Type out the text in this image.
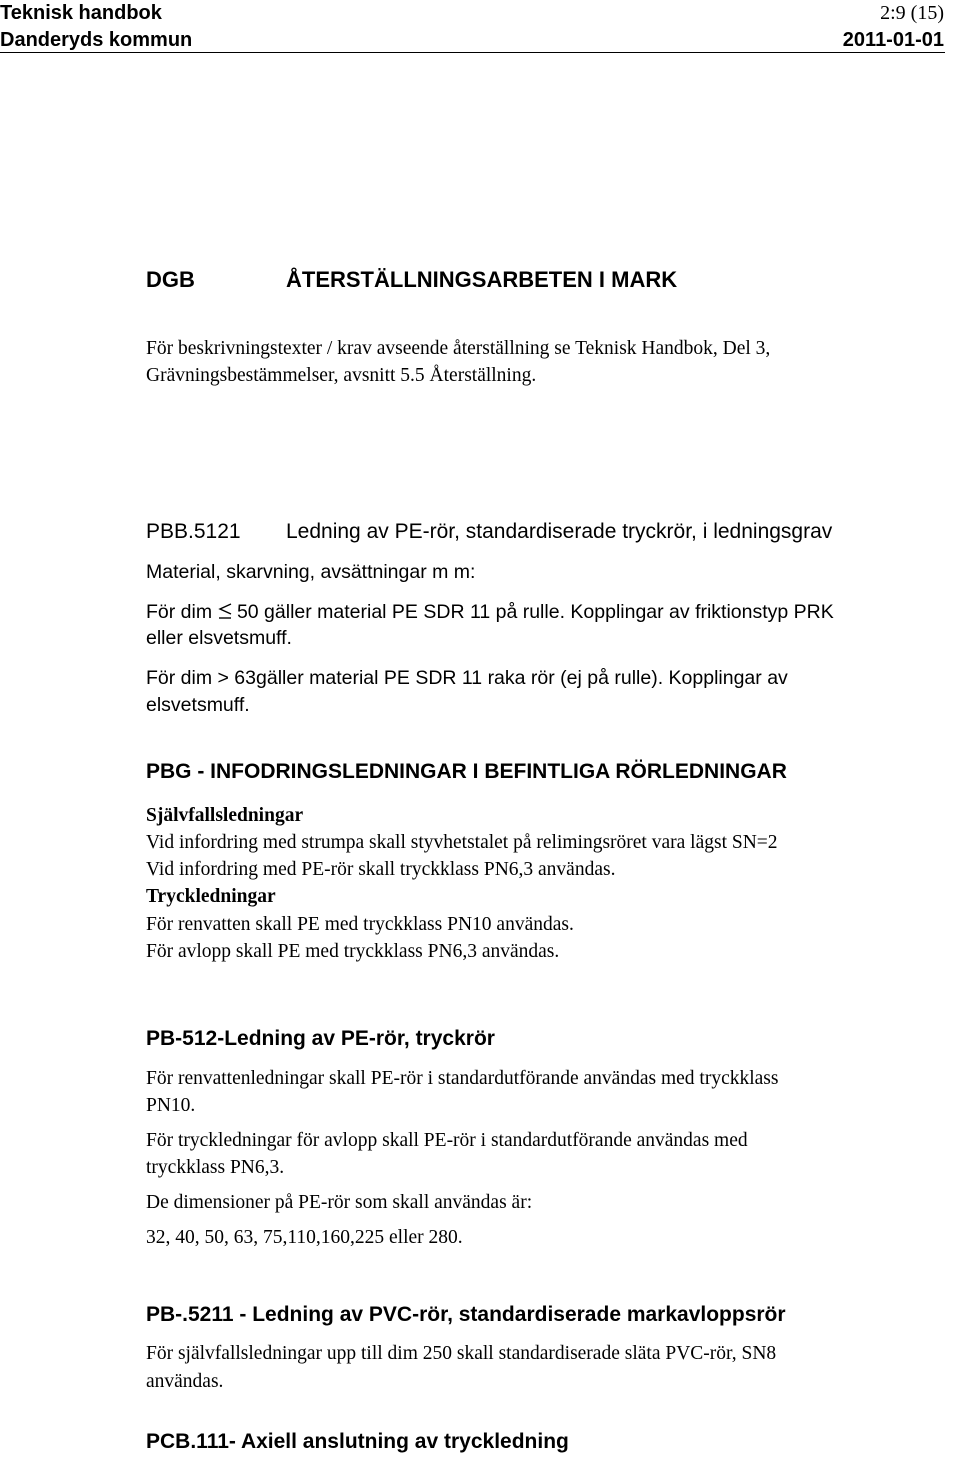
Teknisk handbok
Danderyds kommun
2:9 (15)
2011-01-01
DGB	ÅTERSTÄLLNINGSARBETEN I MARK
För beskrivningstexter / krav avseende återställning se Teknisk Handbok, Del 3,
Grävningsbestämmelser, avsnitt 5.5 Återställning.
PBB.5121 Ledning av PE-rör, standardiserade tryckrör, i ledningsgrav
Material, skarvning, avsättningar m m:
För dim 50 gäller material PE SDR 11 på rulle. Kopplingar av friktionstyp PRK
eller elsvetsmuff.
För dim > 63gäller material PE SDR 11 raka rör (ej på rulle). Kopplingar av
elsvetsmuff.
PBG - INFODRINGSLEDNINGAR I BEFINTLIGA RÖRLEDNINGAR
Självfallsledningar
Vid infordring med strumpa skall styvhetstalet på relimingsröret vara lägst SN=2
Vid infordring med PE-rör skall tryckklass PN6,3 användas.
Tryckledningar
För renvatten skall PE med tryckklass PN10 användas.
För avlopp skall PE med tryckklass PN6,3 användas.
PB-512-Ledning av PE-rör, tryckrör
För renvattenledningar skall PE-rör i standardutförande användas med tryckklass
PN10.
För tryckledningar för avlopp skall PE-rör i standardutförande användas med
tryckklass PN6,3.
De dimensioner på PE-rör som skall användas är:
32, 40, 50, 63, 75,110,160,225 eller 280.
PB-.5211 - Ledning av PVC-rör, standardiserade markavloppsrör
För självfallsledningar upp till dim 250 skall standardiserade släta PVC-rör, SN8
användas.
PCB.111- Axiell anslutning av tryckledning
